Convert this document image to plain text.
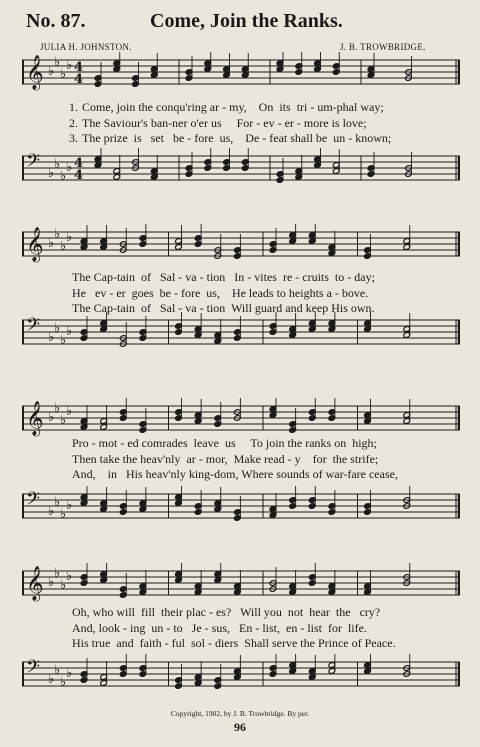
No. 87.	Come, Join the Ranks.
JULIA H. JOHNSTON.	J. B. TROWBRIDGE.
𝄞 ♭
♭
♭
♭ 4
4
1. Come, join the conqu'ring ar - my,    On  its  tri - um-phal way;
2. The Saviour's ban-ner o'er us     For - ev - er - more is love;
3. The prize  is   set   be - fore  us,    De - feat shall be  un - known;
𝄢 ♭
♭
♭
♭ 4
4
𝄞 ♭
♭
♭
♭
The Cap-tain  of   Sal - va - tion   In - vites  re - cruits  to - day;
He   ev - er  goes  be - fore  us,    He leads to heights a - bove.
The Cap-tain  of   Sal - va - tion  Will guard and keep His own.
𝄢 ♭
♭
♭
♭
𝄞 ♭
♭
♭
♭
Pro - mot - ed comrades  leave  us     To join the ranks on  high;
Then take the heav'nly  ar - mor,  Make read - y    for  the strife;
And,    in   His heav'nly king-dom, Where sounds of war-fare cease,
𝄢 ♭
♭
♭
♭
𝄞 ♭
♭
♭
♭
Oh, who will  fill  their plac - es?   Will you  not  hear  the   cry?
And, look - ing  un - to   Je - sus,   En - list,  en - list  for  life.
His true  and  faith - ful  sol - diers  Shall serve the Prince of Peace.
𝄢 ♭
♭
♭
♭
Copyright, 1902, by J. B. Trowbridge. By per.
96
